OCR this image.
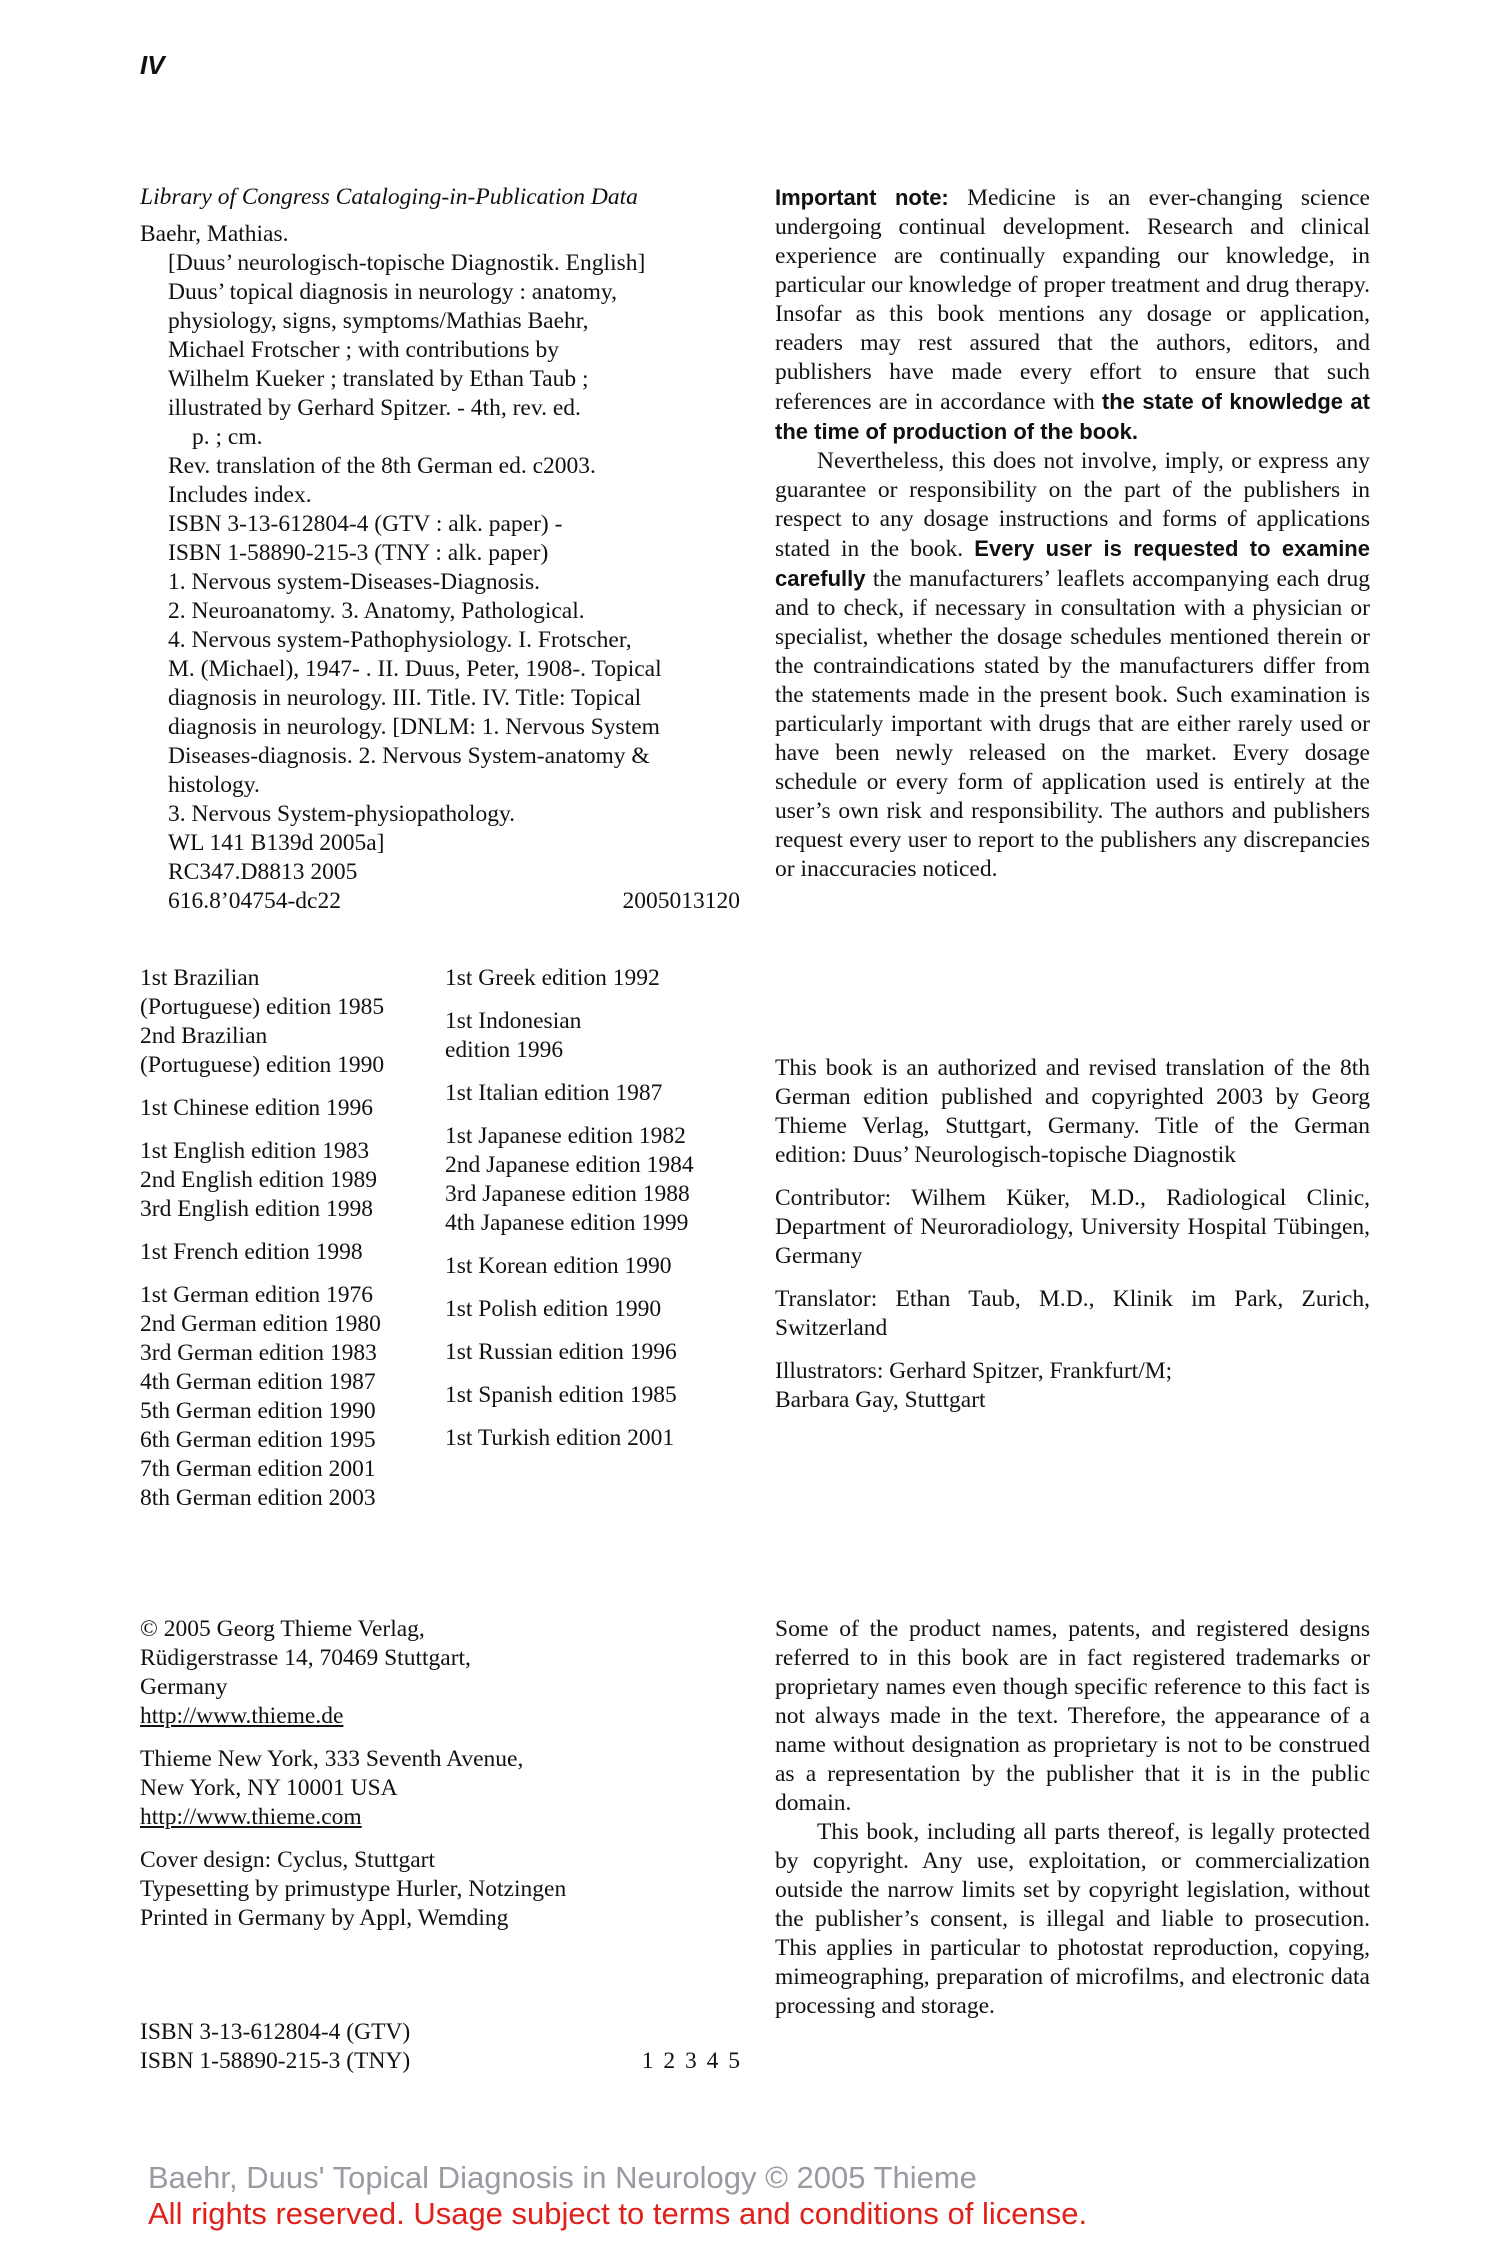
IV
Library of Congress Cataloging-in-Publication Data
Baehr, Mathias.
[Duus’ neurologisch-topische Diagnostik. English]
Duus’ topical diagnosis in neurology : anatomy,
physiology, signs, symptoms/Mathias Baehr,
Michael Frotscher ; with contributions by
Wilhelm Kueker ; translated by Ethan Taub ;
illustrated by Gerhard Spitzer. - 4th, rev. ed.
p. ; cm.
Rev. translation of the 8th German ed. c2003.
Includes index.
ISBN 3-13-612804-4 (GTV : alk. paper) -
ISBN 1-58890-215-3 (TNY : alk. paper)
1. Nervous system-Diseases-Diagnosis.
2. Neuroanatomy. 3. Anatomy, Pathological.
4. Nervous system-Pathophysiology. I. Frotscher,
M. (Michael), 1947- . II. Duus, Peter, 1908-. Topical
diagnosis in neurology. III. Title. IV. Title: Topical
diagnosis in neurology. [DNLM: 1. Nervous System
Diseases-diagnosis. 2. Nervous System-anatomy &
histology.
3. Nervous System-physiopathology.
WL 141 B139d 2005a]
RC347.D8813 2005
616.8’04754-dc22	2005013120
1st Brazilian
(Portuguese) edition 1985
2nd Brazilian
(Portuguese) edition 1990
1st Chinese edition 1996
1st English edition 1983
2nd English edition 1989
3rd English edition 1998
1st French edition 1998
1st German edition 1976
2nd German edition 1980
3rd German edition 1983
4th German edition 1987
5th German edition 1990
6th German edition 1995
7th German edition 2001
8th German edition 2003
1st Greek edition 1992
1st Indonesian
edition 1996
1st Italian edition 1987
1st Japanese edition 1982
2nd Japanese edition 1984
3rd Japanese edition 1988
4th Japanese edition 1999
1st Korean edition 1990
1st Polish edition 1990
1st Russian edition 1996
1st Spanish edition 1985
1st Turkish edition 2001
Important note: Medicine is an ever-changing science undergoing continual development. Research and clinical experience are continually expanding our knowledge, in particular our knowledge of proper treatment and drug therapy. Insofar as this book mentions any dosage or application, readers may rest assured that the authors, editors, and publishers have made every effort to ensure that such references are in accordance with the state of knowledge at the time of production of the book.
Nevertheless, this does not involve, imply, or express any guarantee or responsibility on the part of the publishers in respect to any dosage instructions and forms of applications stated in the book. Every user is requested to examine carefully the manufacturers’ leaflets accompanying each drug and to check, if necessary in consultation with a physician or specialist, whether the dosage schedules mentioned therein or the contraindications stated by the manufacturers differ from the statements made in the present book. Such examination is particularly important with drugs that are either rarely used or have been newly released on the market. Every dosage schedule or every form of application used is entirely at the user’s own risk and responsibility. The authors and publishers request every user to report to the publishers any discrepancies or inaccuracies noticed.
This book is an authorized and revised translation of the 8th German edition published and copyrighted 2003 by Georg Thieme Verlag, Stuttgart, Germany. Title of the German edition: Duus’ Neurologisch-topische Diagnostik
Contributor: Wilhem Küker, M.D., Radiological Clinic, Department of Neuroradiology, University Hospital Tübingen, Germany
Translator: Ethan Taub, M.D., Klinik im Park, Zurich, Switzerland
Illustrators: Gerhard Spitzer, Frankfurt/M;
Barbara Gay, Stuttgart
© 2005 Georg Thieme Verlag,
Rüdigerstrasse 14, 70469 Stuttgart,
Germany
http://www.thieme.de
Thieme New York, 333 Seventh Avenue,
New York, NY 10001 USA
http://www.thieme.com
Cover design: Cyclus, Stuttgart
Typesetting by primustype Hurler, Notzingen
Printed in Germany by Appl, Wemding
ISBN 3-13-612804-4 (GTV)
ISBN 1-58890-215-3 (TNY)	1 2 3 4 5
Some of the product names, patents, and registered designs referred to in this book are in fact registered trademarks or proprietary names even though specific reference to this fact is not always made in the text. Therefore, the appearance of a name without designation as proprietary is not to be construed as a representation by the publisher that it is in the public domain.
This book, including all parts thereof, is legally protected by copyright. Any use, exploitation, or commercialization outside the narrow limits set by copyright legislation, without the publisher’s consent, is illegal and liable to prosecution. This applies in particular to photostat reproduction, copying, mimeographing, preparation of microfilms, and electronic data processing and storage.
Baehr, Duus' Topical Diagnosis in Neurology © 2005 Thieme
All rights reserved. Usage subject to terms and conditions of license.
